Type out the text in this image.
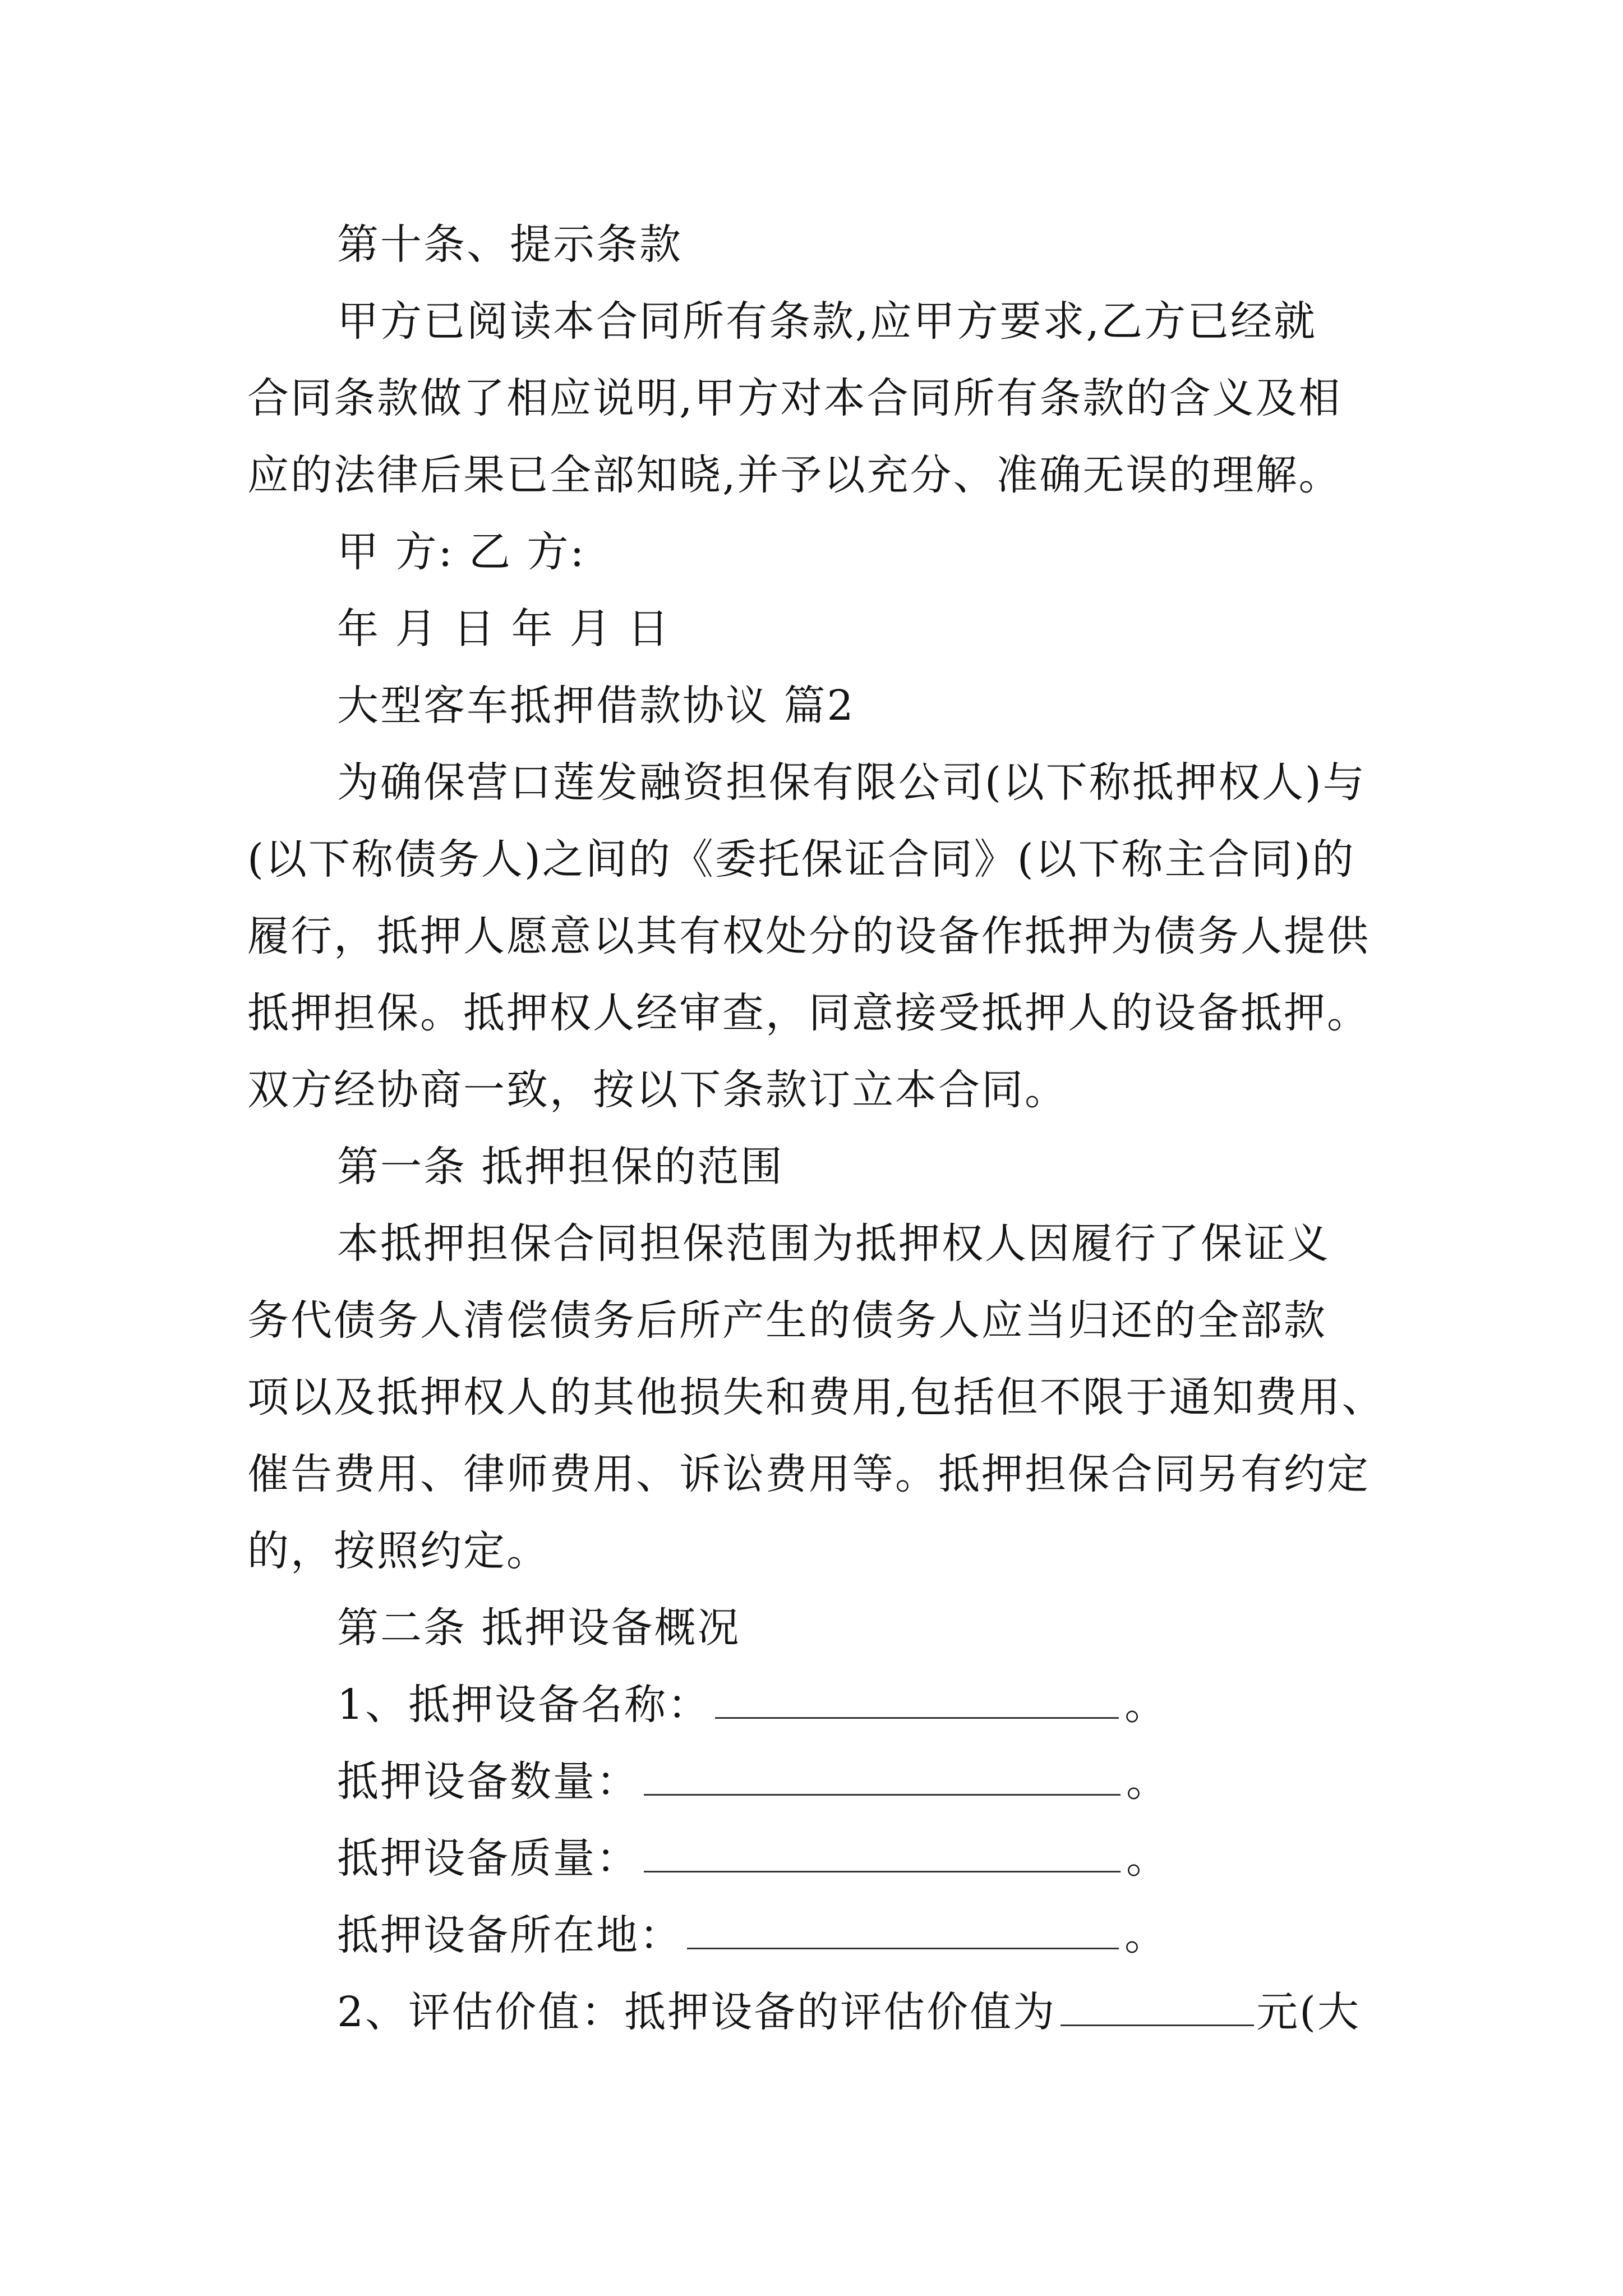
第十条、提示条款
甲方已阅读本合同所有条款,应甲方要求,乙方已经就
合同条款做了相应说明,甲方对本合同所有条款的含义及相
应的法律后果已全部知晓,并予以充分、准确无误的理解。
甲 方: 乙 方:
年 月 日 年 月 日
大型客车抵押借款协议 篇2
为确保营口莲发融资担保有限公司(以下称抵押权人)与
(以下称债务人)之间的《委托保证合同》(以下称主合同)的
履行，抵押人愿意以其有权处分的设备作抵押为债务人提供
抵押担保。抵押权人经审查，同意接受抵押人的设备抵押。
双方经协商一致，按以下条款订立本合同。
第一条 抵押担保的范围
本抵押担保合同担保范围为抵押权人因履行了保证义
务代债务人清偿债务后所产生的债务人应当归还的全部款
项以及抵押权人的其他损失和费用,包括但不限于通知费用、
催告费用、律师费用、诉讼费用等。抵押担保合同另有约定
的，按照约定。
第二条 抵押设备概况
1、抵押设备名称：	。
抵押设备数量：	。
抵押设备质量：	。
抵押设备所在地：	。
2、评估价值：抵押设备的评估价值为	元(大
